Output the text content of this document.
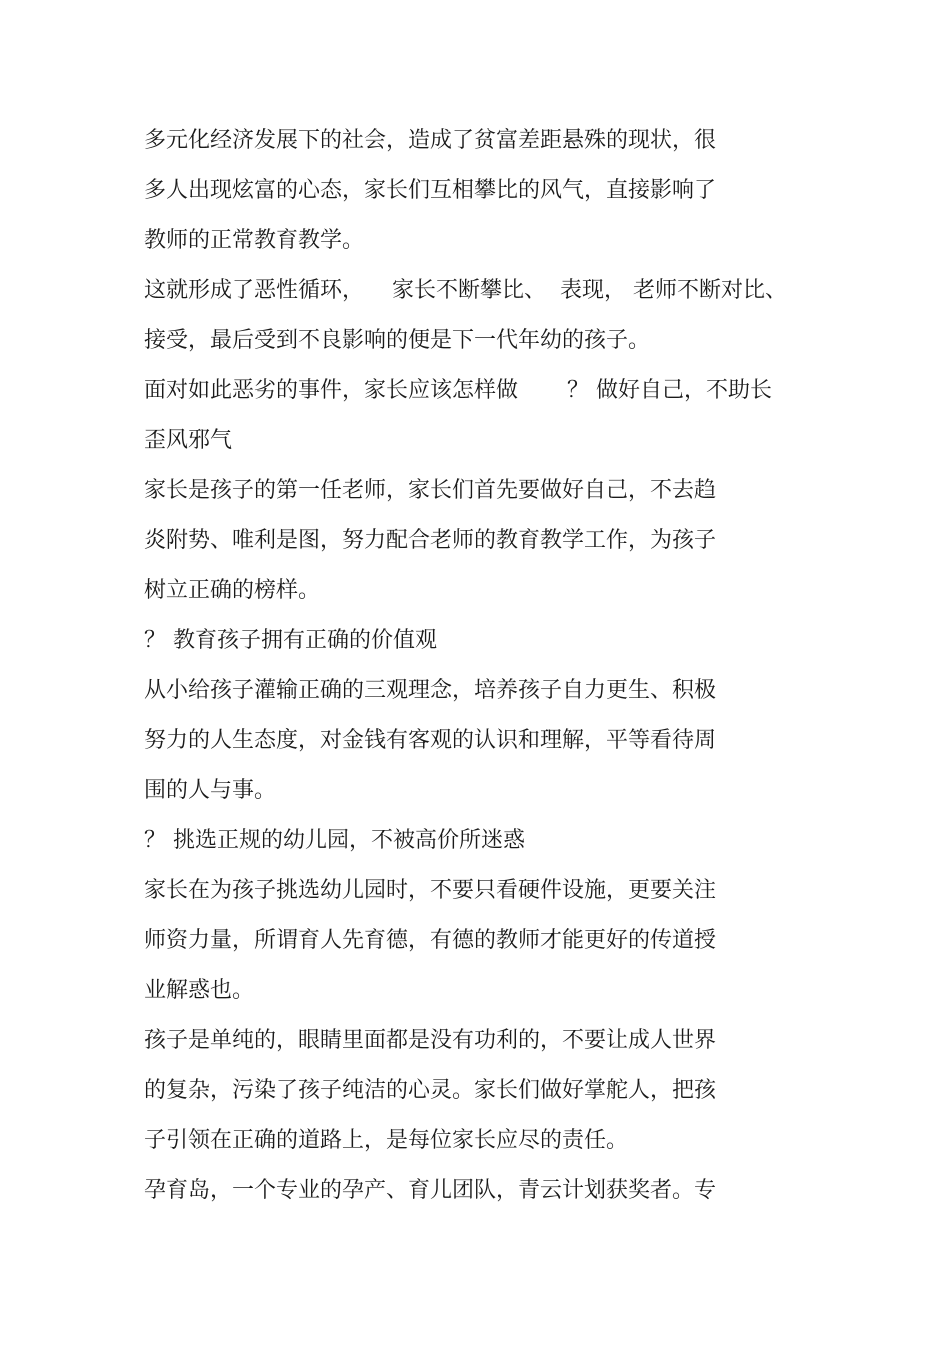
多元化经济发展下的社会，造成了贫富差距悬殊的现状，很

多人出现炫富的心态，家长们互相攀比的风气，直接影响了

教师的正常教育教学。

这就形成了恶性循环，    家长不断攀比、  表现， 老师不断对比、

接受，最后受到不良影响的便是下一代年幼的孩子。

面对如此恶劣的事件，家长应该怎样做       ？ 做好自己，不助长

歪风邪气

家长是孩子的第一任老师，家长们首先要做好自己，不去趋

炎附势、唯利是图，努力配合老师的教育教学工作，为孩子

树立正确的榜样。

？ 教育孩子拥有正确的价值观

从小给孩子灌输正确的三观理念，培养孩子自力更生、积极

努力的人生态度，对金钱有客观的认识和理解，平等看待周

围的人与事。

？ 挑选正规的幼儿园，不被高价所迷惑

家长在为孩子挑选幼儿园时，不要只看硬件设施，更要关注

师资力量，所谓育人先育德，有德的教师才能更好的传道授

业解惑也。

孩子是单纯的，眼睛里面都是没有功利的，不要让成人世界

的复杂，污染了孩子纯洁的心灵。家长们做好掌舵人，把孩

子引领在正确的道路上，是每位家长应尽的责任。

孕育岛，一个专业的孕产、育儿团队，青云计划获奖者。专
